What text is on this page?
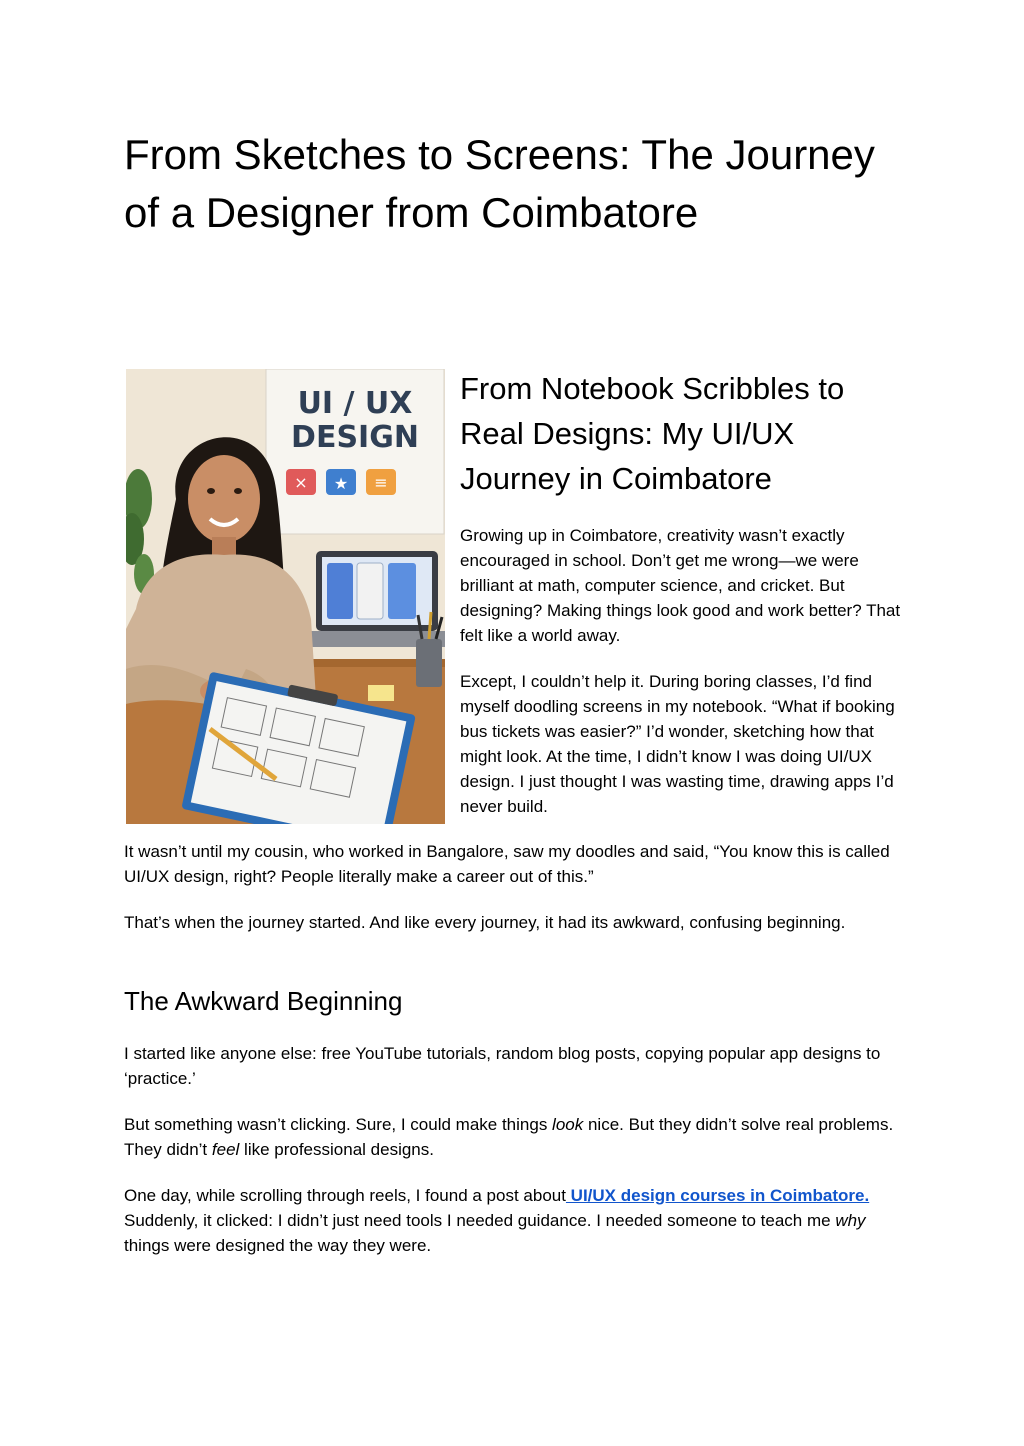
From Sketches to Screens: The Journey of a Designer from Coimbatore
UI / UX
DESIGN
× ★ ≡
From Notebook Scribbles to Real Designs: My UI/UX Journey in Coimbatore

Growing up in Coimbatore, creativity wasn’t exactly encouraged in school. Don’t get me wrong—we were brilliant at math, computer science, and cricket. But designing? Making things look good and work better? That felt like a world away.

Except, I couldn’t help it. During boring classes, I’d find myself doodling screens in my notebook. “What if booking bus tickets was easier?” I’d wonder, sketching how that might look. At the time, I didn’t know I was doing UI/UX design. I just thought I was wasting time, drawing apps I’d never build.

It wasn’t until my cousin, who worked in Bangalore, saw my doodles and said, “You know this is called UI/UX design, right? People literally make a career out of this.”

That’s when the journey started. And like every journey, it had its awkward, confusing beginning.

The Awkward Beginning

I started like anyone else: free YouTube tutorials, random blog posts, copying popular app designs to ‘practice.’

But something wasn’t clicking. Sure, I could make things look nice. But they didn’t solve real problems. They didn’t feel like professional designs.

One day, while scrolling through reels, I found a post about UI/UX design courses in Coimbatore. Suddenly, it clicked: I didn’t just need tools I needed guidance. I needed someone to teach me why things were designed the way they were.
